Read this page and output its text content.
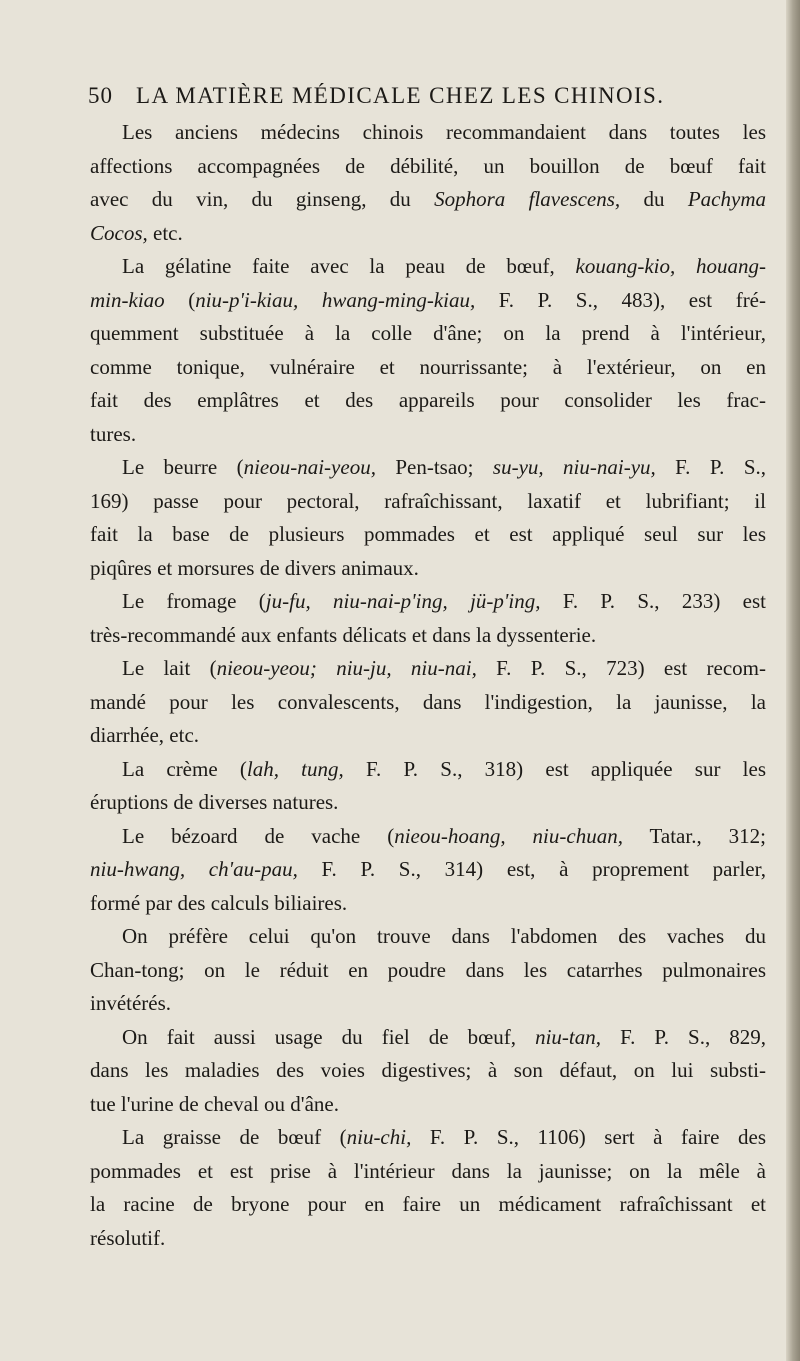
50 LA MATIÈRE MÉDICALE CHEZ LES CHINOIS.
Les anciens médecins chinois recommandaient dans toutes les
affections accompagnées de débilité, un bouillon de bœuf fait
avec du vin, du ginseng, du Sophora flavescens, du Pachyma
Cocos, etc.
La gélatine faite avec la peau de bœuf, kouang-kio, houang-
min-kiao (niu-p'i-kiau, hwang-ming-kiau, F. P. S., 483), est fré-
quemment substituée à la colle d'âne; on la prend à l'intérieur,
comme tonique, vulnéraire et nourrissante; à l'extérieur, on en
fait des emplâtres et des appareils pour consolider les frac-
tures.
Le beurre (nieou-nai-yeou, Pen-tsao; su-yu, niu-nai-yu, F. P. S.,
169) passe pour pectoral, rafraîchissant, laxatif et lubrifiant; il
fait la base de plusieurs pommades et est appliqué seul sur les
piqûres et morsures de divers animaux.
Le fromage (ju-fu, niu-nai-p'ing, jü-p'ing, F. P. S., 233) est
très-recommandé aux enfants délicats et dans la dyssenterie.
Le lait (nieou-yeou; niu-ju, niu-nai, F. P. S., 723) est recom-
mandé pour les convalescents, dans l'indigestion, la jaunisse, la
diarrhée, etc.
La crème (lah, tung, F. P. S., 318) est appliquée sur les
éruptions de diverses natures.
Le bézoard de vache (nieou-hoang, niu-chuan, Tatar., 312;
niu-hwang, ch'au-pau, F. P. S., 314) est, à proprement parler,
formé par des calculs biliaires.
On préfère celui qu'on trouve dans l'abdomen des vaches du
Chan-tong; on le réduit en poudre dans les catarrhes pulmonaires
invétérés.
On fait aussi usage du fiel de bœuf, niu-tan, F. P. S., 829,
dans les maladies des voies digestives; à son défaut, on lui substi-
tue l'urine de cheval ou d'âne.
La graisse de bœuf (niu-chi, F. P. S., 1106) sert à faire des
pommades et est prise à l'intérieur dans la jaunisse; on la mêle à
la racine de bryone pour en faire un médicament rafraîchissant et
résolutif.
